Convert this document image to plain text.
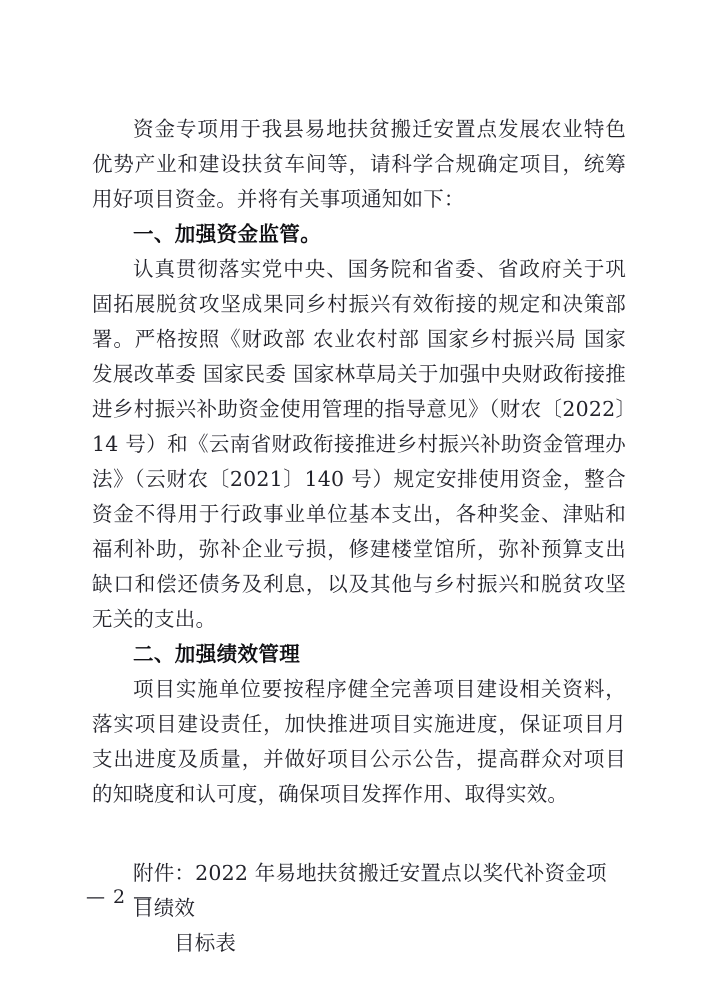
资金专项用于我县易地扶贫搬迁安置点发展农业特色优势产业和建设扶贫车间等，请科学合规确定项目，统筹用好项目资金。并将有关事项通知如下：

一、加强资金监管。

认真贯彻落实党中央、国务院和省委、省政府关于巩固拓展脱贫攻坚成果同乡村振兴有效衔接的规定和决策部署。严格按照《财政部 农业农村部 国家乡村振兴局 国家发展改革委 国家民委 国家林草局关于加强中央财政衔接推进乡村振兴补助资金使用管理的指导意见》（财农〔2022〕14 号）和《云南省财政衔接推进乡村振兴补助资金管理办法》（云财农〔2021〕140 号）规定安排使用资金，整合资金不得用于行政事业单位基本支出，各种奖金、津贴和福利补助，弥补企业亏损，修建楼堂馆所，弥补预算支出缺口和偿还债务及利息，以及其他与乡村振兴和脱贫攻坚无关的支出。

二、加强绩效管理

项目实施单位要按程序健全完善项目建设相关资料，落实项目建设责任，加快推进项目实施进度，保证项目月支出进度及质量，并做好项目公示公告，提高群众对项目的知晓度和认可度，确保项目发挥作用、取得实效。

附件：2022 年易地扶贫搬迁安置点以奖代补资金项目绩效
目标表
— 2 —
